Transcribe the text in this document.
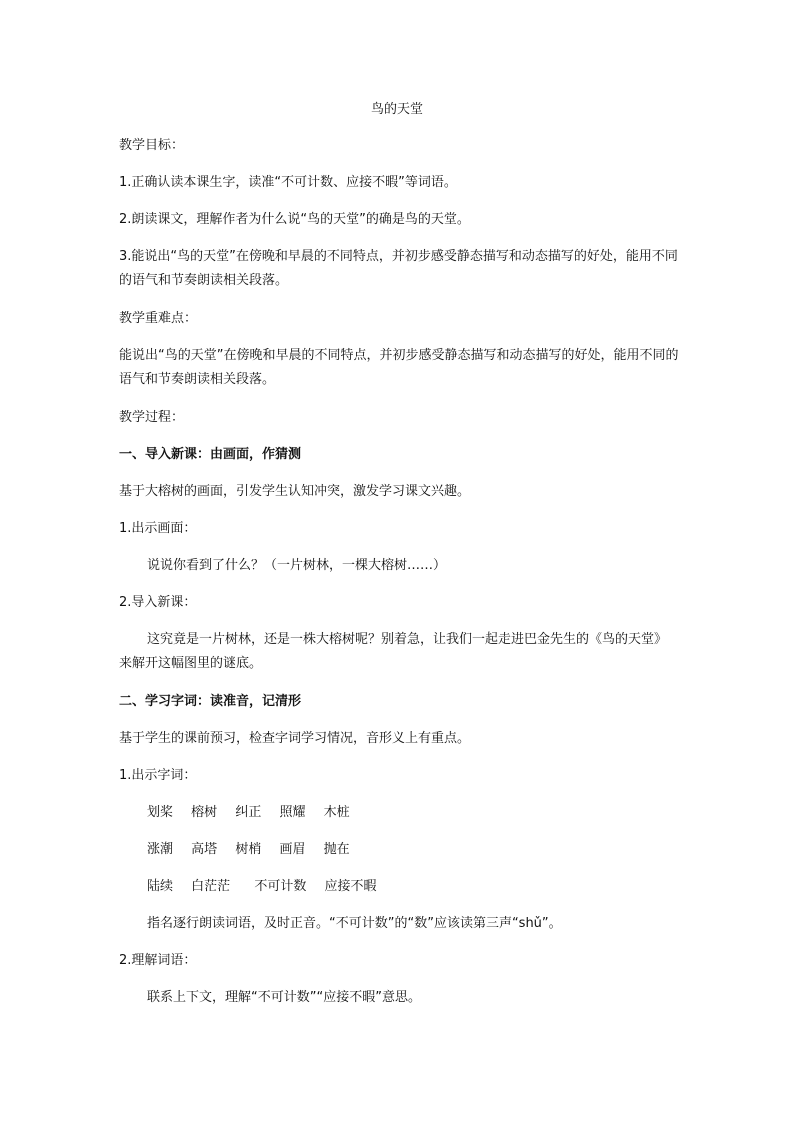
鸟的天堂
教学目标：
1.正确认读本课生字，读准“不可计数、应接不暇”等词语。
2.朗读课文，理解作者为什么说“鸟的天堂”的确是鸟的天堂。
3.能说出“鸟的天堂”在傍晚和早晨的不同特点，并初步感受静态描写和动态描写的好处，能用不同的语气和节奏朗读相关段落。
教学重难点：
能说出“鸟的天堂”在傍晚和早晨的不同特点，并初步感受静态描写和动态描写的好处，能用不同的语气和节奏朗读相关段落。
教学过程：
一、导入新课：由画面，作猜测
基于大榕树的画面，引发学生认知冲突，激发学习课文兴趣。
1.出示画面：
说说你看到了什么？（一片树林，一棵大榕树……）
2.导入新课：
这究竟是一片树林，还是一株大榕树呢？别着急，让我们一起走进巴金先生的《鸟的天堂》来解开这幅图里的谜底。
二、学习字词：读准音，记清形
基于学生的课前预习，检查字词学习情况，音形义上有重点。
1.出示字词：
划桨 榕树 纠正 照耀 木桩
涨潮 高塔 树梢 画眉 抛在
陆续 白茫茫 不可计数 应接不暇
指名逐行朗读词语，及时正音。“不可计数”的“数”应该读第三声“shǔ”。
2.理解词语：
联系上下文，理解“不可计数”“应接不暇”意思。
